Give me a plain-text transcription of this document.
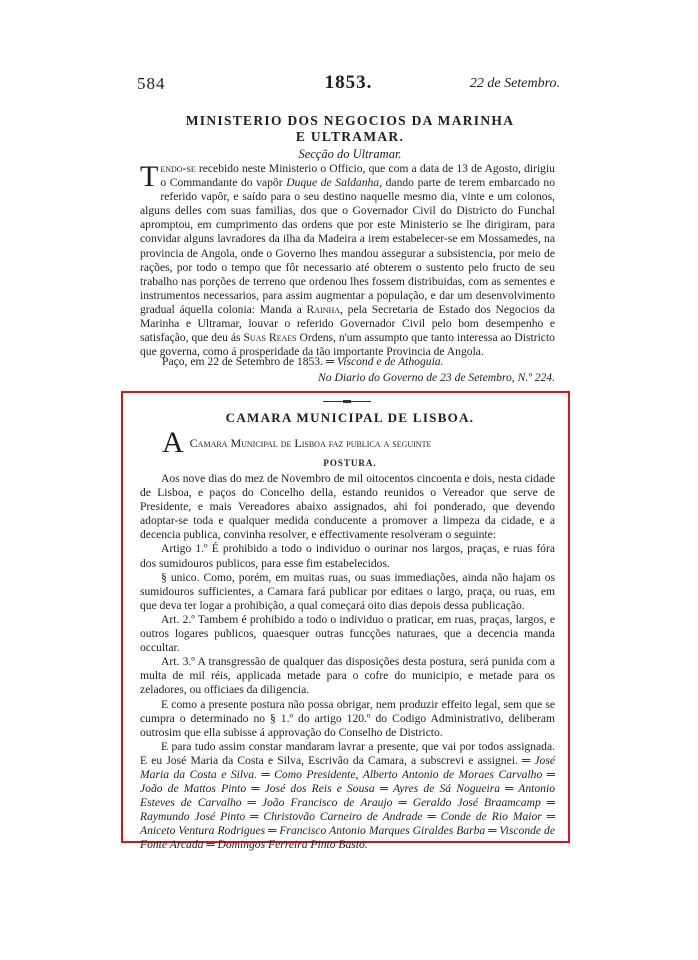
584	1853.	22 de Setembro.
MINISTERIO DOS NEGOCIOS DA MARINHA
E ULTRAMAR.
Secção do Ultramar.

Tendo-se recebido neste Ministerio o Officio, que com a data de 13 de Agosto, dirigiu o Commandante do vapôr Duque de Saldanha, dando parte de terem embarcado no referido vapôr, e saído para o seu destino naquelle mesmo dia, vinte e um colonos, alguns delles com suas familias, dos que o Governador Civil do Districto do Funchal apromptou, em cumprimento das ordens que por este Ministerio se lhe dirigiram, para convidar alguns lavradores da ilha da Madeira a irem estabelecer-se em Mossamedes, na provincia de Angola, onde o Governo lhes mandou assegurar a subsistencia, por meio de rações, por todo o tempo que fôr necessario até obterem o sustento pelo fructo de seu trabalho nas porções de terreno que ordenou lhes fossem distribuidas, com as sementes e instrumentos necessarios, para assim augmentar a população, e dar um desenvolvimento gradual áquella colonia: Manda a Rainha, pela Secretaria de Estado dos Negocios da Marinha e Ultramar, louvar o referido Governador Civil pelo bom desempenho e satisfação, que deu ás Suas Reaes Ordens, n'um assumpto que tanto interessa ao Districto que governa, como á prosperidade da tão importante Provincia de Angola.

Paço, em 22 de Setembro de 1853. ═ Viscond e de Athoguia.
No Diario do Governo de 23 de Setembro, N.º 224.
CAMARA MUNICIPAL DE LISBOA.
A Camara Municipal de Lisboa faz publica a seguinte
POSTURA.

Aos nove dias do mez de Novembro de mil oitocentos cincoenta e dois, nesta cidade de Lisboa, e paços do Concelho della, estando reunidos o Vereador que serve de Presidente, e mais Vereadores abaixo assignados, ahi foi ponderado, que devendo adoptar-se toda e qualquer medida conducente a promover a limpeza da cidade, e a decencia publica, convinha resolver, e effectivamente resolveram o seguinte:

Artigo 1.º É prohibido a todo o individuo o ourinar nos largos, praças, e ruas fóra dos sumidouros publicos, para esse fim estabelecidos.

§ unico. Como, porém, em muitas ruas, ou suas immediações, ainda não hajam os sumidouros sufficientes, a Camara fará publicar por editaes o largo, praça, ou ruas, em que deva ter logar a prohibição, a qual começará oito dias depois dessa publicação.

Art. 2.º Tambem é prohibido a todo o individuo o praticar, em ruas, praças, largos, e outros logares publicos, quaesquer outras funcções naturaes, que a decencia manda occultar.

Art. 3.º A transgressão de qualquer das disposições desta postura, será punida com a multa de mil réis, applicada metade para o cofre do municipio, e metade para os zeladores, ou officiaes da diligencia.

E como a presente postura não possa obrigar, nem produzir effeito legal, sem que se cumpra o determinado no § 1.º do artigo 120.º do Codigo Administrativo, deliberam outrosim que ella subisse á approvação do Conselho de Districto.

E para tudo assim constar mandaram lavrar a presente, que vai por todos assignada. E eu José Maria da Costa e Silva, Escrivão da Camara, a subscrevi e assignei. ═ José Maria da Costa e Silva. ═ Como Presidente, Alberto Antonio de Moraes Carvalho ═ João de Mattos Pinto ═ José dos Reis e Sousa ═ Ayres de Sá Nogueira ═ Antonio Esteves de Carvalho ═ João Francisco de Araujo ═ Geraldo José Braamcamp ═ Raymundo José Pinto ═ Christovão Carneiro de Andrade ═ Conde de Rio Maior ═ Aniceto Ventura Rodrigues ═ Francisco Antonio Marques Giraldes Barba ═ Visconde de Fonte Arcada ═ Domingos Ferreira Pinto Basto.
